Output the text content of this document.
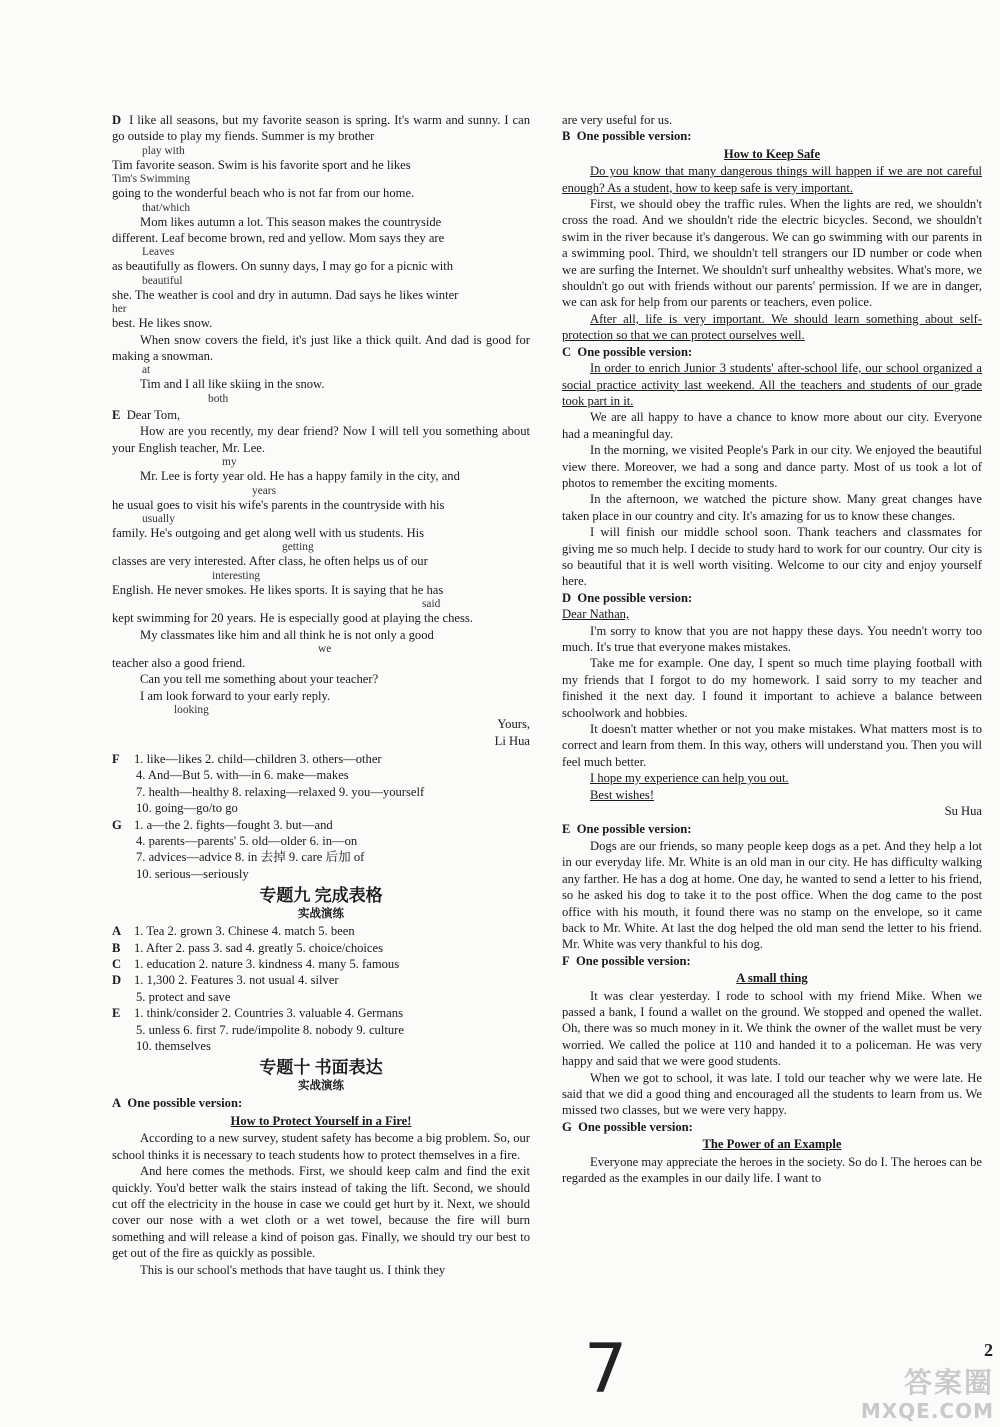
D I like all seasons, but my favorite season is spring. It's warm and sunny. I can go outside to play my fiends. Summer is my brother

play with

Tim favorite season. Swim is his favorite sport and he likes

Tim's Swimming

going to the wonderful beach who is not far from our home.

that/which

Mom likes autumn a lot. This season makes the countryside

different. Leaf become brown, red and yellow. Mom says they are

Leaves

as beautifully as flowers. On sunny days, I may go for a picnic with

beautiful

she. The weather is cool and dry in autumn. Dad says he likes winter

her

best. He likes snow.

When snow covers the field, it's just like a thick quilt. And dad is good for making a snowman.

at

Tim and I all like skiing in the snow.

both

E Dear Tom,

How are you recently, my dear friend? Now I will tell you something about your English teacher, Mr. Lee.

my

Mr. Lee is forty year old. He has a happy family in the city, and

years

he usual goes to visit his wife's parents in the countryside with his

usually

family. He's outgoing and get along well with us students. His

getting

classes are very interested. After class, he often helps us of our

interesting

English. He never smokes. He likes sports. It is saying that he has

said

kept swimming for 20 years. He is especially good at playing the chess.

My classmates like him and all think he is not only a good

we

teacher also a good friend.

Can you tell me something about your teacher?

I am look forward to your early reply.

looking

Yours,

Li Hua

F 1. like—likes 2. child—children 3. others—other
4. And—But 5. with—in 6. make—makes
7. health—healthy 8. relaxing—relaxed 9. you—yourself
10. going—go/to go
G 1. a—the 2. fights—fought 3. but—and
4. parents—parents' 5. old—older 6. in—on
7. advices—advice 8. in 去掉 9. care 后加 of
10. serious—seriously
专题九 完成表格
实战演练
A 1. Tea 2. grown 3. Chinese 4. match 5. been
B 1. After 2. pass 3. sad 4. greatly 5. choice/choices
C 1. education 2. nature 3. kindness 4. many 5. famous
D 1. 1,300 2. Features 3. not usual 4. silver
5. protect and save
E 1. think/consider 2. Countries 3. valuable 4. Germans
5. unless 6. first 7. rude/impolite 8. nobody 9. culture
10. themselves
专题十 书面表达
实战演练

A One possible version:

How to Protect Yourself in a Fire!

According to a new survey, student safety has become a big problem. So, our school thinks it is necessary to teach students how to protect themselves in a fire.

And here comes the methods. First, we should keep calm and find the exit quickly. You'd better walk the stairs instead of taking the lift. Second, we should cut off the electricity in the house in case we could get hurt by it. Next, we should cover our nose with a wet cloth or a wet towel, because the fire will burn something and will release a kind of poison gas. Finally, we should try our best to get out of the fire as quickly as possible.

This is our school's methods that have taught us. I think they

are very useful for us.

B One possible version:

How to Keep Safe

Do you know that many dangerous things will happen if we are not careful enough? As a student, how to keep safe is very important.

First, we should obey the traffic rules. When the lights are red, we shouldn't cross the road. And we shouldn't ride the electric bicycles. Second, we shouldn't swim in the river because it's dangerous. We can go swimming with our parents in a swimming pool. Third, we shouldn't tell strangers our ID number or code when we are surfing the Internet. We shouldn't surf unhealthy websites. What's more, we shouldn't go out with friends without our parents' permission. If we are in danger, we can ask for help from our parents or teachers, even police.

After all, life is very important. We should learn something about self-protection so that we can protect ourselves well.

C One possible version:

In order to enrich Junior 3 students' after-school life, our school organized a social practice activity last weekend. All the teachers and students of our grade took part in it.

We are all happy to have a chance to know more about our city. Everyone had a meaningful day.

In the morning, we visited People's Park in our city. We enjoyed the beautiful view there. Moreover, we had a song and dance party. Most of us took a lot of photos to remember the exciting moments.

In the afternoon, we watched the picture show. Many great changes have taken place in our country and city. It's amazing for us to know these changes.

I will finish our middle school soon. Thank teachers and classmates for giving me so much help. I decide to study hard to work for our country. Our city is so beautiful that it is well worth visiting. Welcome to our city and enjoy yourself here.

D One possible version:

Dear Nathan,

I'm sorry to know that you are not happy these days. You needn't worry too much. It's true that everyone makes mistakes.

Take me for example. One day, I spent so much time playing football with my friends that I forgot to do my homework. I said sorry to my teacher and finished it the next day. I found it important to achieve a balance between schoolwork and hobbies.

It doesn't matter whether or not you make mistakes. What matters most is to correct and learn from them. In this way, others will understand you. Then you will feel much better.

I hope my experience can help you out.

Best wishes!

Su Hua

E One possible version:

Dogs are our friends, so many people keep dogs as a pet. And they help a lot in our everyday life. Mr. White is an old man in our city. He has difficulty walking any farther. He has a dog at home. One day, he wanted to send a letter to his friend, so he asked his dog to take it to the post office. When the dog came to the post office with his mouth, it found there was no stamp on the envelope, so it came back to Mr. White. At last the dog helped the old man send the letter to his friend. Mr. White was very thankful to his dog.

F One possible version:

A small thing

It was clear yesterday. I rode to school with my friend Mike. When we passed a bank, I found a wallet on the ground. We stopped and opened the wallet. Oh, there was so much money in it. We think the owner of the wallet must be very worried. We called the police at 110 and handed it to a policeman. He was very happy and said that we were good students.

When we got to school, it was late. I told our teacher why we were late. He said that we did a good thing and encouraged all the students to learn from us. We missed two classes, but we were very happy.

G One possible version:

The Power of an Example

Everyone may appreciate the heroes in the society. So do I. The heroes can be regarded as the examples in our daily life. I want to

7	2
答案圈
MXQE.COM
